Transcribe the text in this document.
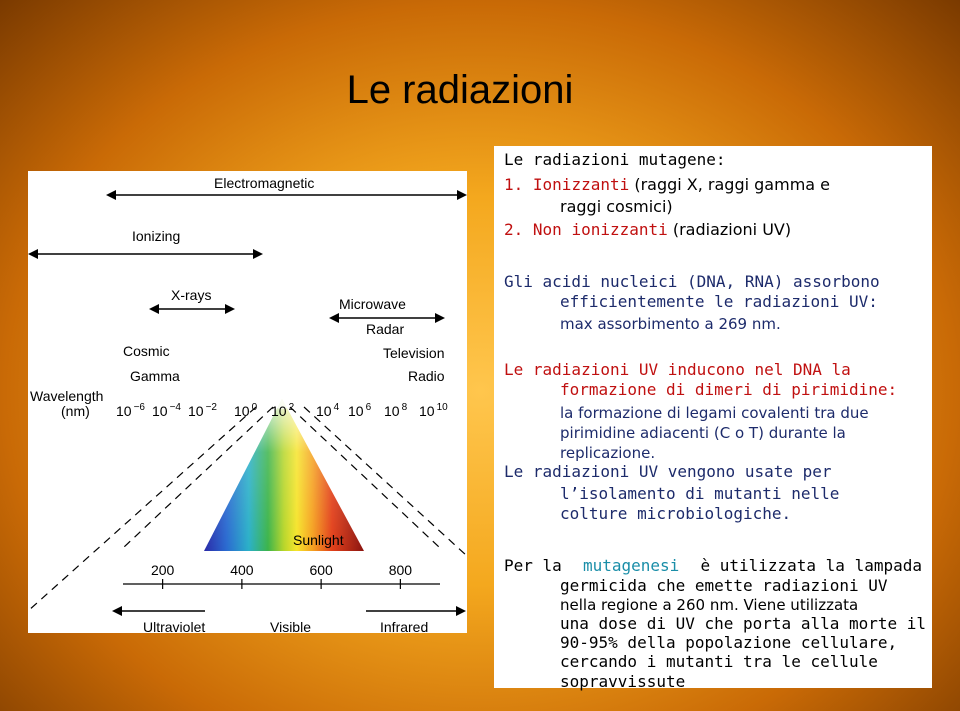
Le radiazioni
Electromagnetic
Ionizing
X-rays
Microwave
Radar
Cosmic	Television
Gamma	Radio
Wavelength
(nm) 10 $^{-6}$ 10 $^{-4}$ 10 $^{-2}$ 10 $^0$ 10 $^2$ 10 $^4$ 10 $^6$ 10 $^8$ 10 $^{10}$
Sunlight
200	400	600	800
Ultraviolet	Visible	Infrared
Le radiazioni mutagene:
1. Ionizzanti (raggi X, raggi gamma e
raggi cosmici)
2. Non ionizzanti (radiazioni UV)
Gli acidi nucleici (DNA, RNA) assorbono
efficientemente le radiazioni UV:
max assorbimento a 269 nm.
Le radiazioni UV inducono nel DNA la
formazione di dimeri di pirimidine:
la formazione di legami covalenti tra due
pirimidine adiacenti (C o T) durante la
replicazione.
Le radiazioni UV vengono usate per
l’isolamento di mutanti nelle
colture microbiologiche.
Per la mutagenesi è utilizzata la lampada
germicida che emette radiazioni UV
nella regione a 260 nm. Viene utilizzata
una dose di UV che porta alla morte il
90-95% della popolazione cellulare,
cercando i mutanti tra le cellule
sopravvissute
